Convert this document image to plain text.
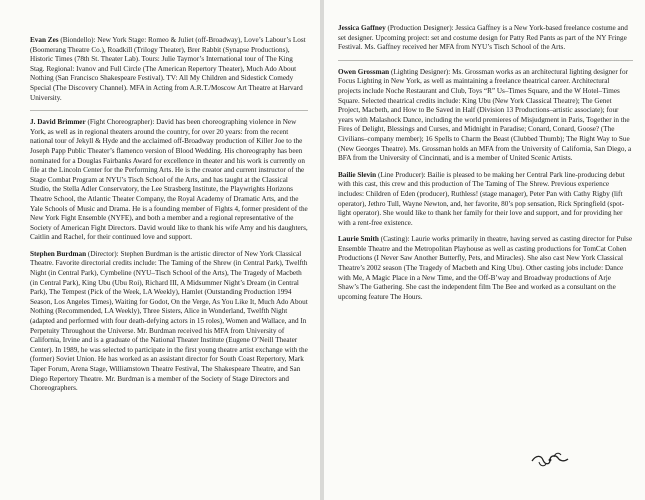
Evan Zes (Biondello): New York Stage: Romeo & Juliet (off-Broadway), Love’s Labour’s Lost (Boomerang Theatre Co.), Roadkill (Trilogy Theater), Brer Rabbit (Synapse Productions), Historic Times (78th St. Theater Lab). Tours: Julie Taymor’s International tour of The King Stag. Regional: Ivanov and Full Circle (The American Repertory Theater), Much Ado About Nothing (San Francisco Shakespeare Festival). TV: All My Children and Sidestick Comedy Special (The Discovery Channel). MFA in Acting from A.R.T./Moscow Art Theatre at Harvard University.

J. David Brimmer (Fight Choreographer): David has been choreographing violence in New York, as well as in regional theaters around the country, for over 20 years: from the recent national tour of Jekyll & Hyde and the acclaimed off-Broadway production of Killer Joe to the Joseph Papp Public Theater’s flamenco version of Blood Wedding. His choreography has been nominated for a Douglas Fairbanks Award for excellence in theater and his work is currently on file at the Lincoln Center for the Performing Arts. He is the creator and current instructor of the Stage Combat Program at NYU’s Tisch School of the Arts, and has taught at the Classical Studio, the Stella Adler Conservatory, the Lee Strasberg Institute, the Playwrights Horizons Theatre School, the Atlantic Theater Company, the Royal Academy of Dramatic Arts, and the Yale Schools of Music and Drama. He is a founding member of Fights 4, former president of the New York Fight Ensemble (NYFE), and both a member and a regional representative of the Society of American Fight Directors. David would like to thank his wife Amy and his daughters, Caitlin and Rachel, for their continued love and support.

Stephen Burdman (Director): Stephen Burdman is the artistic director of New York Classical Theatre. Favorite directorial credits include: The Taming of the Shrew (in Central Park), Twelfth Night (in Central Park), Cymbeline (NYU–Tisch School of the Arts), The Tragedy of Macbeth (in Central Park), King Ubu (Ubu Roi), Richard III, A Midsummer Night’s Dream (in Central Park), The Tempest (Pick of the Week, LA Weekly), Hamlet (Outstanding Production 1994 Season, Los Angeles Times), Waiting for Godot, On the Verge, As You Like It, Much Ado About Nothing (Recommended, LA Weekly), Three Sisters, Alice in Wonderland, Twelfth Night (adapted and performed with four death-defying actors in 15 roles), Women and Wallace, and In Perpetuity Throughout the Universe. Mr. Burdman received his MFA from University of California, Irvine and is a graduate of the National Theater Institute (Eugene O’Neill Theater Center). In 1989, he was selected to participate in the first young theatre artist exchange with the (former) Soviet Union. He has worked as an assistant director for South Coast Repertory, Mark Taper Forum, Arena Stage, Williamstown Theatre Festival, The Shakespeare Theatre, and San Diego Repertory Theatre. Mr. Burdman is a member of the Society of Stage Directors and Choreographers.

Jessica Gaffney (Production Designer): Jessica Gaffney is a New York-based freelance costume and set designer. Upcoming project: set and costume design for Patty Red Pants as part of the NY Fringe Festival. Ms. Gaffney received her MFA from NYU’s Tisch School of the Arts.

Owen Grossman (Lighting Designer): Ms. Grossman works as an architectural lighting designer for Focus Lighting in New York, as well as maintaining a freelance theatrical career. Architectural projects include Noche Restaurant and Club, Toys “R” Us–Times Square, and the W Hotel–Times Square. Selected theatrical credits include: King Ubu (New York Classical Theatre); The Genet Project, Macbeth, and How to Be Saved in Half (Division 13 Productions–artistic associate); four years with Malashock Dance, including the world premieres of Misjudgment in Paris, Together in the Fires of Delight, Blessings and Curses, and Midnight in Paradise; Conard, Conard, Goose? (The Civilians–company member); 16 Spells to Charm the Beast (Clubbed Thumb); The Right Way to Sue (New Georges Theatre). Ms. Grossman holds an MFA from the University of California, San Diego, a BFA from the University of Cincinnati, and is a member of United Scenic Artists.

Bailie Slevin (Line Producer): Bailie is pleased to be making her Central Park line-producing debut with this cast, this crew and this production of The Taming of The Shrew. Previous experience includes: Children of Eden (producer), Ruthless! (stage manager), Peter Pan with Cathy Rigby (lift operator), Jethro Tull, Wayne Newton, and, her favorite, 80’s pop sensation, Rick Springfield (spot-light operator). She would like to thank her family for their love and support, and for providing her with a rent-free existence.

Laurie Smith (Casting): Laurie works primarily in theatre, having served as casting director for Pulse Ensemble Theatre and the Metropolitan Playhouse as well as casting productions for TomCat Cohen Productions (I Never Saw Another Butterfly, Pets, and Miracles). She also cast New York Classical Theatre’s 2002 season (The Tragedy of Macbeth and King Ubu). Other casting jobs include: Dance with Me, A Magic Place in a New Time, and the Off-B’way and Broadway productions of Arje Shaw’s The Gathering. She cast the independent film The Bee and worked as a consultant on the upcoming feature The Hours.
